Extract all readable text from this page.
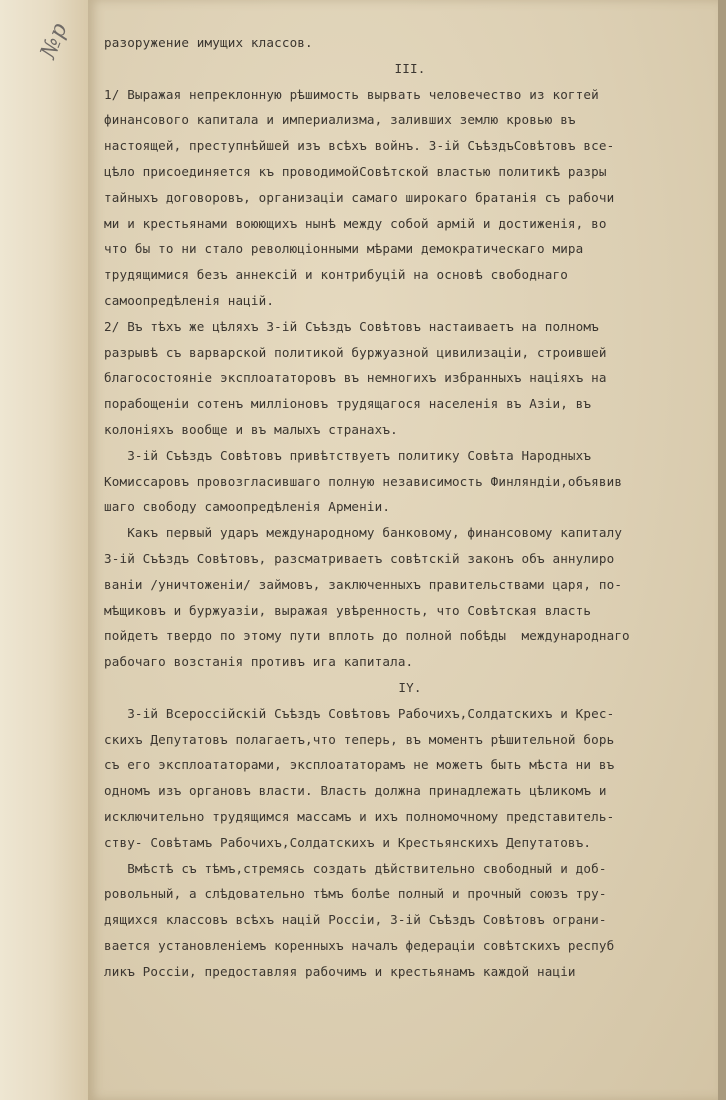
№р разоружение имущих классов.
III.
1/ Выражая непреклонную рѣшимость вырвать человечество из когтей
финансового капитала и империализма, заливших землю кровью въ
настоящей, преступнѣйшей изъ всѣхъ войнъ. 3-ій СъѣздъСовѣтовъ все-
цѣло присоединяется къ проводимойСовѣтской властью политикѣ разры
тайныхъ договоровъ, организаціи самаго широкаго братанія съ рабочи
ми и крестьянами воюющихъ нынѣ между собой армій и достиженія, во
что бы то ни стало революціонными мѣрами демократическаго мира
трудящимися безъ аннексій и контрибуцій на основѣ свободнаго
самоопредѣленія націй.
2/ Въ тѣхъ же цѣляхъ 3-ій Съѣздъ Совѣтовъ настаиваетъ на полномъ
разрывѣ съ варварской политикой буржуазной цивилизаціи, строившей
благосостояніе эксплоататоровъ въ немногихъ избранныхъ націяхъ на
порабощеніи сотенъ милліоновъ трудящагося населенія въ Азіи, въ
колоніяхъ вообще и въ малыхъ странахъ.
3-ій Съѣздъ Совѣтовъ привѣтствуетъ политику Совѣта Народныхъ
Комиссаровъ провозгласившаго полную независимость Финляндіи,объявив
шаго свободу самоопредѣленія Арменіи.
Какъ первый ударъ международному банковому, финансовому капиталу
3-ій Съѣздъ Совѣтовъ, разсматриваетъ совѣтскій законъ объ аннулиро
ваніи /уничтоженіи/ займовъ, заключенныхъ правительствами царя, по-
мѣщиковъ и буржуазіи, выражая увѣренность, что Совѣтская власть
пойдетъ твердо по этому пути вплоть до полной побѣды  международнаго
рабочаго возстанія противъ ига капитала.
IY.
3-ій Всероссійскій Съѣздъ Совѣтовъ Рабочихъ,Солдатскихъ и Крес-
скихъ Депутатовъ полагаетъ,что теперь, въ моментъ рѣшительной борь
съ его эксплоататорами, эксплоататорамъ не можетъ быть мѣста ни въ
одномъ изъ органовъ власти. Власть должна принадлежать цѣликомъ и
исключительно трудящимся массамъ и ихъ полномочному представитель-
ству- Совѣтамъ Рабочихъ,Солдатскихъ и Крестьянскихъ Депутатовъ.
Вмѣстѣ съ тѣмъ,стремясь создать дѣйствительно свободный и доб-
ровольный, а слѣдовательно тѣмъ болѣе полный и прочный союзъ тру-
дящихся классовъ всѣхъ націй Россіи, 3-ій Съѣздъ Совѣтовъ ограни-
вается установленіемъ коренныхъ началъ федераціи совѣтскихъ респуб
ликъ Россіи, предоставляя рабочимъ и крестьянамъ каждой націи
